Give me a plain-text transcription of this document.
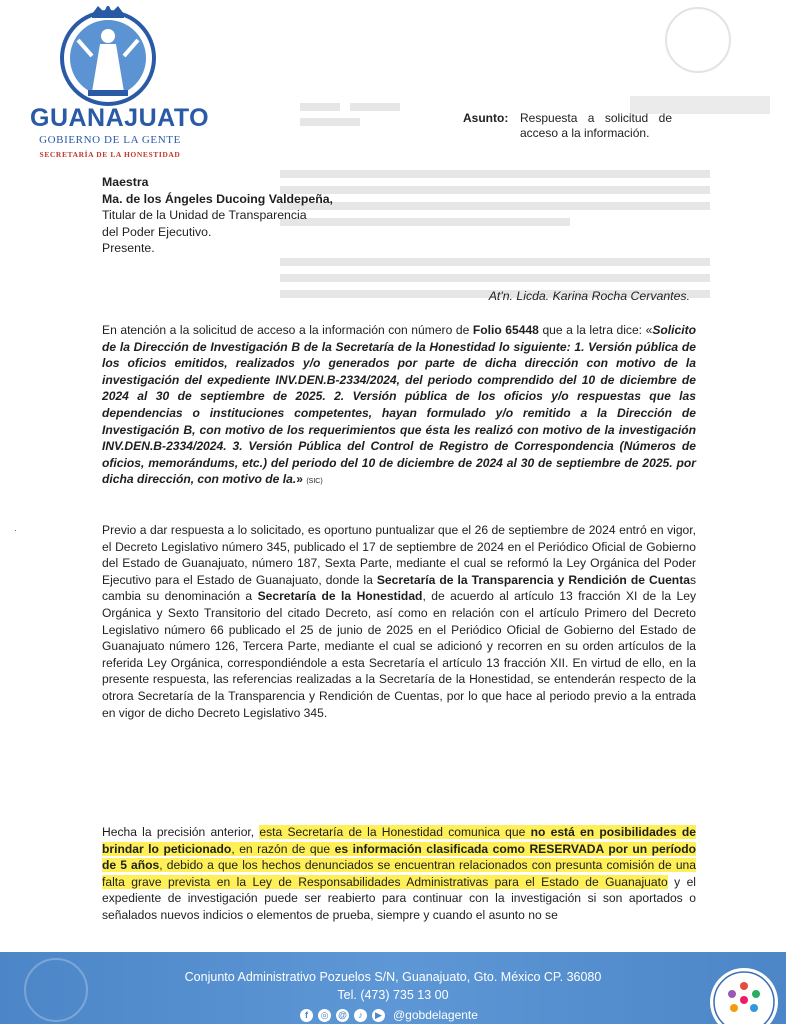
GUANAJUATO
GOBIERNO DE LA GENTE
SECRETARÍA DE LA HONESTIDAD
Asunto: Respuesta a solicitud de acceso a la información.
Maestra
Ma. de los Ángeles Ducoing Valdepeña,
Titular de la Unidad de Transparencia
del Poder Ejecutivo.
Presente.
At'n. Licda. Karina Rocha Cervantes.
En atención a la solicitud de acceso a la información con número de Folio 65448 que a la letra dice: «Solicito de la Dirección de Investigación B de la Secretaría de la Honestidad lo siguiente: 1. Versión pública de los oficios emitidos, realizados y/o generados por parte de dicha dirección con motivo de la investigación del expediente INV.DEN.B-2334/2024, del periodo comprendido del 10 de diciembre de 2024 al 30 de septiembre de 2025. 2. Versión pública de los oficios y/o respuestas que las dependencias o instituciones competentes, hayan formulado y/o remitido a la Dirección de Investigación B, con motivo de los requerimientos que ésta les realizó con motivo de la investigación INV.DEN.B-2334/2024. 3. Versión Pública del Control de Registro de Correspondencia (Números de oficios, memorándums, etc.) del periodo del 10 de diciembre de 2024 al 30 de septiembre de 2025. por dicha dirección, con motivo de la.» (SIC)
Previo a dar respuesta a lo solicitado, es oportuno puntualizar que el 26 de septiembre de 2024 entró en vigor, el Decreto Legislativo número 345, publicado el 17 de septiembre de 2024 en el Periódico Oficial de Gobierno del Estado de Guanajuato, número 187, Sexta Parte, mediante el cual se reformó la Ley Orgánica del Poder Ejecutivo para el Estado de Guanajuato, donde la Secretaría de la Transparencia y Rendición de Cuentas cambia su denominación a Secretaría de la Honestidad, de acuerdo al artículo 13 fracción XI de la Ley Orgánica y Sexto Transitorio del citado Decreto, así como en relación con el artículo Primero del Decreto Legislativo número 66 publicado el 25 de junio de 2025 en el Periódico Oficial de Gobierno del Estado de Guanajuato número 126, Tercera Parte, mediante el cual se adicionó y recorren en su orden artículos de la referida Ley Orgánica, correspondiéndole a esta Secretaría el artículo 13 fracción XII. En virtud de ello, en la presente respuesta, las referencias realizadas a la Secretaría de la Honestidad, se entenderán respecto de la otrora Secretaría de la Transparencia y Rendición de Cuentas, por lo que hace al periodo previo a la entrada en vigor de dicho Decreto Legislativo 345.
·
Hecha la precisión anterior, esta Secretaría de la Honestidad comunica que no está en posibilidades de brindar lo peticionado, en razón de que es información clasificada como RESERVADA por un período de 5 años, debido a que los hechos denunciados se encuentran relacionados con presunta comisión de una falta grave prevista en la Ley de Responsabilidades Administrativas para el Estado de Guanajuato y el expediente de investigación puede ser reabierto para continuar con la investigación si son aportados o señalados nuevos indicios o elementos de prueba, siempre y cuando el asunto no se
Conjunto Administrativo Pozuelos S/N, Guanajuato, Gto. México CP. 36080
Tel. (473) 735 13 00
f	◎ @	♪	▶ @gobdelagente
